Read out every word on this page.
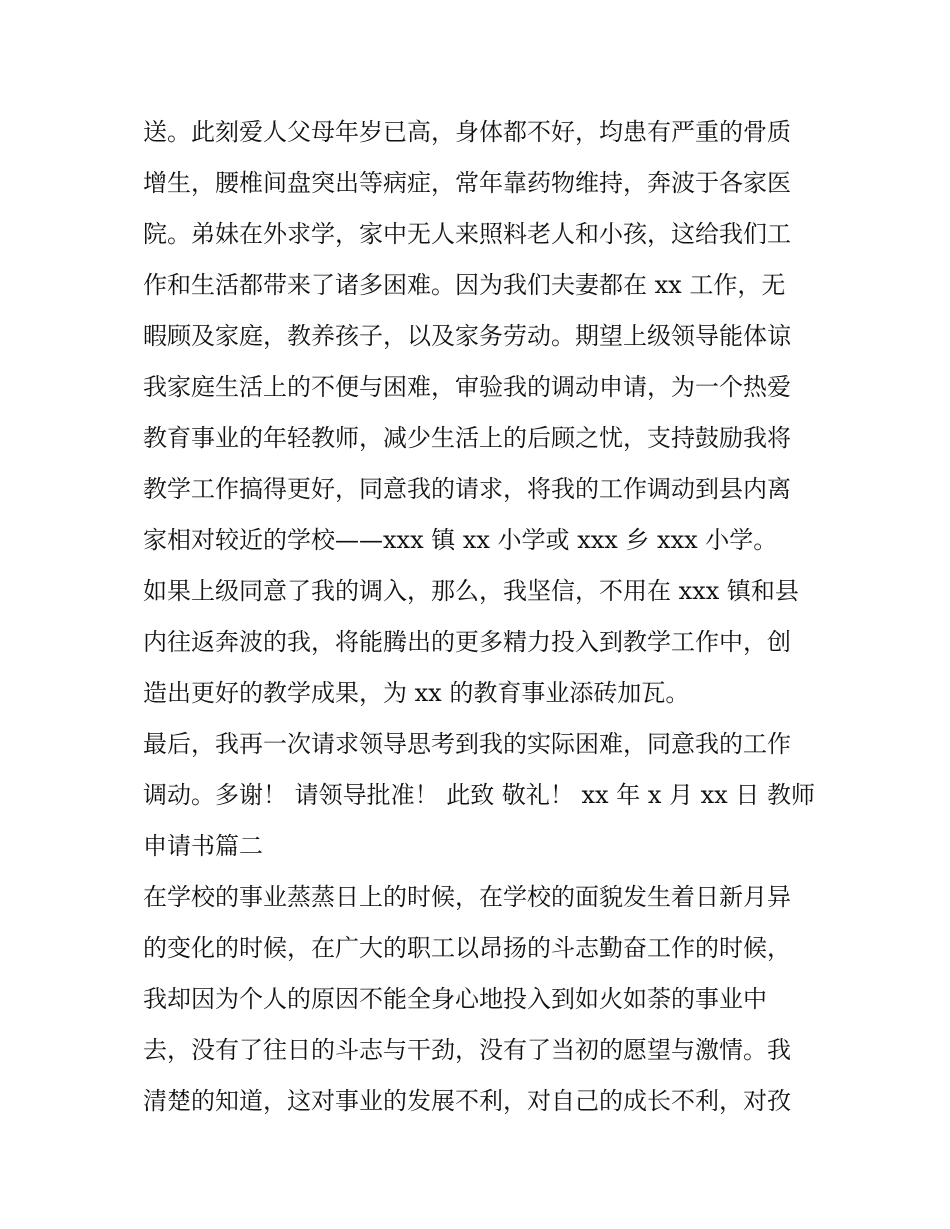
送。此刻爱人父母年岁已高，身体都不好，均患有严重的骨质
增生，腰椎间盘突出等病症，常年靠药物维持，奔波于各家医
院。弟妹在外求学，家中无人来照料老人和小孩，这给我们工
作和生活都带来了诸多困难。因为我们夫妻都在 xx 工作，无
暇顾及家庭，教养孩子，以及家务劳动。期望上级领导能体谅
我家庭生活上的不便与困难，审验我的调动申请，为一个热爱
教育事业的年轻教师，减少生活上的后顾之忧，支持鼓励我将
教学工作搞得更好，同意我的请求，将我的工作调动到县内离
家相对较近的学校——xxx 镇 xx 小学或 xxx 乡 xxx 小学。
如果上级同意了我的调入，那么，我坚信，不用在 xxx 镇和县
内往返奔波的我，将能腾出的更多精力投入到教学工作中，创
造出更好的教学成果，为 xx 的教育事业添砖加瓦。
最后，我再一次请求领导思考到我的实际困难，同意我的工作
调动。多谢！ 请领导批准！ 此致 敬礼！ xx 年 x 月 xx 日 教师
申请书篇二
在学校的事业蒸蒸日上的时候，在学校的面貌发生着日新月异
的变化的时候，在广大的职工以昂扬的斗志勤奋工作的时候，
我却因为个人的原因不能全身心地投入到如火如荼的事业中
去，没有了往日的斗志与干劲，没有了当初的愿望与激情。我
清楚的知道，这对事业的发展不利，对自己的成长不利，对孜
